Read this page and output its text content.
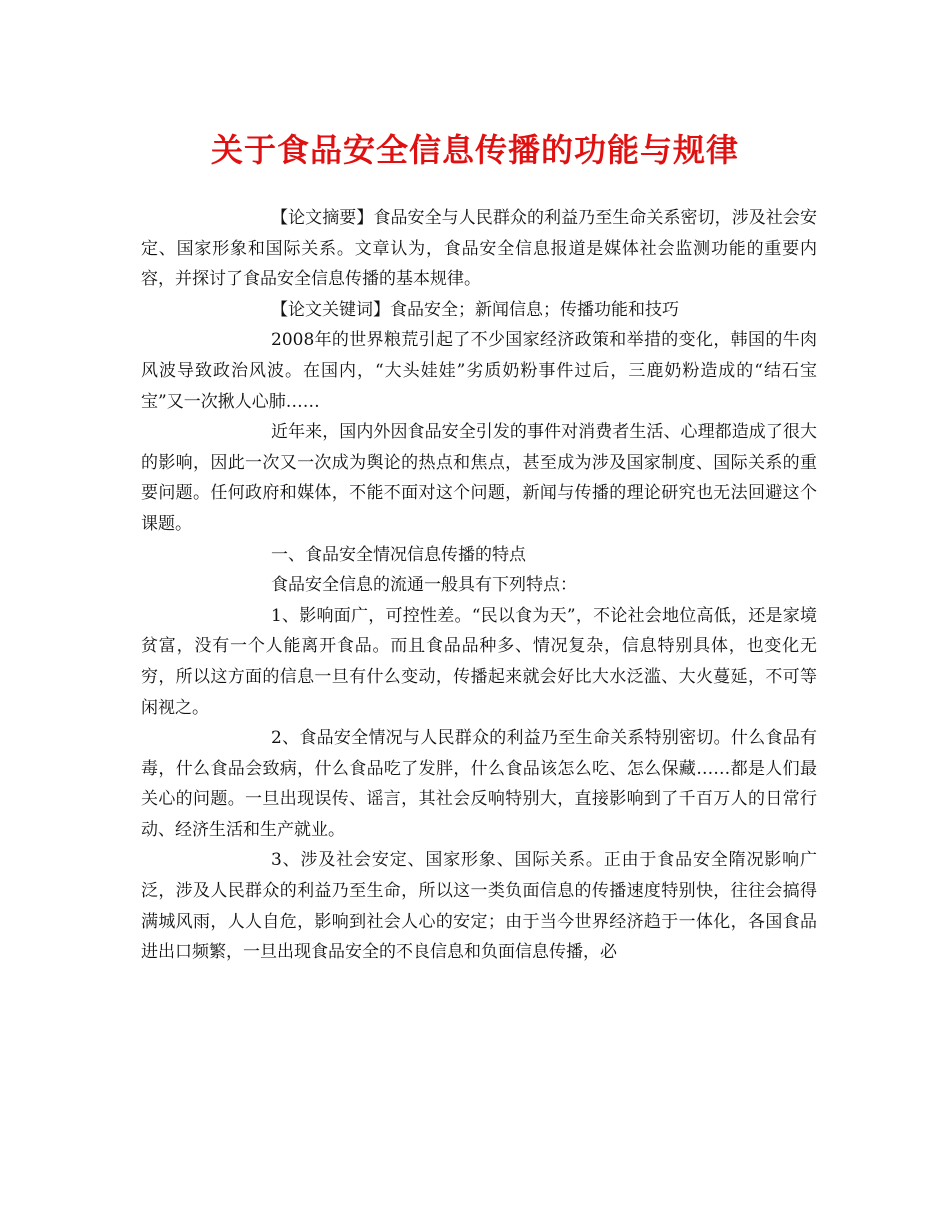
关于食品安全信息传播的功能与规律

【论文摘要】食品安全与人民群众的利益乃至生命关系密切，涉及社会安定、国家形象和国际关系。文章认为，食品安全信息报道是媒体社会监测功能的重要内容，并探讨了食品安全信息传播的基本规律。

【论文关键词】食品安全；新闻信息；传播功能和技巧

2008年的世界粮荒引起了不少国家经济政策和举措的变化，韩国的牛肉风波导致政治风波。在国内，“大头娃娃”劣质奶粉事件过后，三鹿奶粉造成的“结石宝宝”又一次揪人心肺……

近年来，国内外因食品安全引发的事件对消费者生活、心理都造成了很大的影响，因此一次又一次成为舆论的热点和焦点，甚至成为涉及国家制度、国际关系的重要问题。任何政府和媒体，不能不面对这个问题，新闻与传播的理论研究也无法回避这个课题。

一、食品安全情况信息传播的特点

食品安全信息的流通一般具有下列特点：

1、影响面广，可控性差。“民以食为天”，不论社会地位高低，还是家境贫富，没有一个人能离开食品。而且食品品种多、情况复杂，信息特别具体，也变化无穷，所以这方面的信息一旦有什么变动，传播起来就会好比大水泛滥、大火蔓延，不可等闲视之。

2、食品安全情况与人民群众的利益乃至生命关系特别密切。什么食品有毒，什么食品会致病，什么食品吃了发胖，什么食品该怎么吃、怎么保藏……都是人们最关心的问题。一旦出现误传、谣言，其社会反响特别大，直接影响到了千百万人的日常行动、经济生活和生产就业。

3、涉及社会安定、国家形象、国际关系。正由于食品安全隋况影响广泛，涉及人民群众的利益乃至生命，所以这一类负面信息的传播速度特别快，往往会搞得满城风雨，人人自危，影响到社会人心的安定；由于当今世界经济趋于一体化，各国食品进出口频繁，一旦出现食品安全的不良信息和负面信息传播，必
